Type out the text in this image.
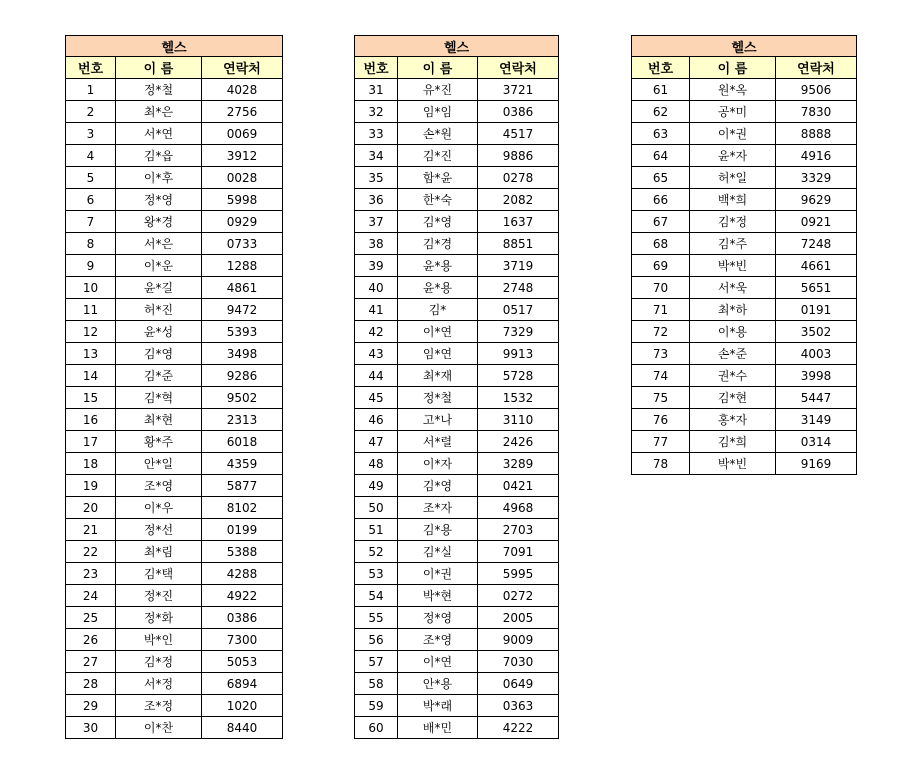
헬스		
번호	이 름	연락처
1	정*철	4028
2	최*은	2756
3	서*연	0069
4	김*읍	3912
5	이*후	0028
6	정*영	5998
7	왕*경	0929
8	서*은	0733
9	이*운	1288
10	윤*길	4861
11	허*진	9472
12	윤*성	5393
13	김*영	3498
14	김*준	9286
15	김*혁	9502
16	최*현	2313
17	황*주	6018
18	안*일	4359
19	조*영	5877
20	이*우	8102
21	정*선	0199
22	최*림	5388
23	김*택	4288
24	정*진	4922
25	정*화	0386
26	박*인	7300
27	김*정	5053
28	서*정	6894
29	조*정	1020
30	이*찬	8440
헬스		
번호	이 름	연락처
31	유*진	3721
32	임*임	0386
33	손*원	4517
34	김*진	9886
35	함*윤	0278
36	한*숙	2082
37	김*영	1637
38	김*경	8851
39	윤*용	3719
40	윤*용	2748
41	김*	0517
42	이*연	7329
43	임*연	9913
44	최*재	5728
45	정*철	1532
46	고*나	3110
47	서*렬	2426
48	이*자	3289
49	김*영	0421
50	조*자	4968
51	김*용	2703
52	김*실	7091
53	이*권	5995
54	박*현	0272
55	정*영	2005
56	조*영	9009
57	이*연	7030
58	안*용	0649
59	박*래	0363
60	배*민	4222
헬스		
번호	이 름	연락처
61	원*옥	9506
62	공*미	7830
63	이*권	8888
64	윤*자	4916
65	허*일	3329
66	백*희	9629
67	김*정	0921
68	김*주	7248
69	박*빈	4661
70	서*욱	5651
71	최*하	0191
72	이*용	3502
73	손*준	4003
74	권*수	3998
75	김*현	5447
76	홍*자	3149
77	김*희	0314
78	박*빈	9169
